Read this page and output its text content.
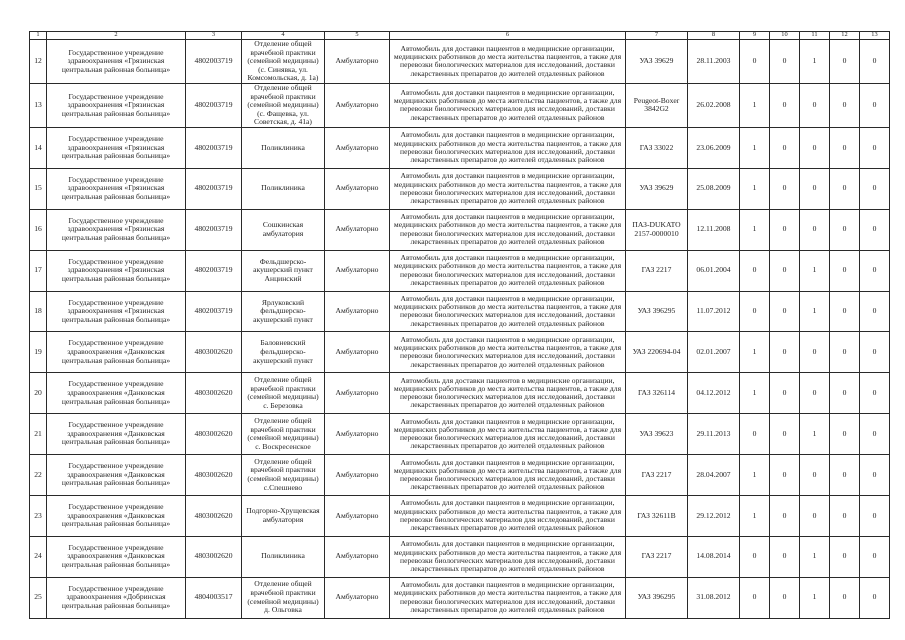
1	2	3	4	5	6	7	8	9	10	11	12	13
12	Государственное учреждение здравоохранения «Грязинская центральная районная больница»	4802003719	Отделение общей врачебной практики (семейной медицины) (с. Синявка, ул. Комсомольская, д. 1а)	Амбулаторно	Автомобиль для доставки пациентов в медицинские организации, медицинских работников до места жительства пациентов, а также для перевозки биологических материалов для исследований, доставки лекарственных препаратов до жителей отдаленных районов	УАЗ 39629	28.11.2003	0	0	1	0	0
13	Государственное учреждение здравоохранения «Грязинская центральная районная больница»	4802003719	Отделение общей врачебной практики (семейной медицины) (с. Фащевка, ул. Советская, д. 41а)	Амбулаторно	Автомобиль для доставки пациентов в медицинские организации, медицинских работников до места жительства пациентов, а также для перевозки биологических материалов для исследований, доставки лекарственных препаратов до жителей отдаленных районов	Peugeot-Boxer 3842G2	26.02.2008	1	0	0	0	0
14	Государственное учреждение здравоохранения «Грязинская центральная районная больница»	4802003719	Поликлиника	Амбулаторно	Автомобиль для доставки пациентов в медицинские организации, медицинских работников до места жительства пациентов, а также для перевозки биологических материалов для исследований, доставки лекарственных препаратов до жителей отдаленных районов	ГАЗ 33022	23.06.2009	1	0	0	0	0
15	Государственное учреждение здравоохранения «Грязинская центральная районная больница»	4802003719	Поликлиника	Амбулаторно	Автомобиль для доставки пациентов в медицинские организации, медицинских работников до места жительства пациентов, а также для перевозки биологических материалов для исследований, доставки лекарственных препаратов до жителей отдаленных районов	УАЗ 39629	25.08.2009	1	0	0	0	0
16	Государственное учреждение здравоохранения «Грязинская центральная районная больница»	4802003719	Сошкинская амбулатория	Амбулаторно	Автомобиль для доставки пациентов в медицинские организации, медицинских работников до места жительства пациентов, а также для перевозки биологических материалов для исследований, доставки лекарственных препаратов до жителей отдаленных районов	ПАЗ-DUKATO 2157-0000010	12.11.2008	1	0	0	0	0
17	Государственное учреждение здравоохранения «Грязинская центральная районная больница»	4802003719	Фельдшерско-акушерский пункт Анцинский	Амбулаторно	Автомобиль для доставки пациентов в медицинские организации, медицинских работников до места жительства пациентов, а также для перевозки биологических материалов для исследований, доставки лекарственных препаратов до жителей отдаленных районов	ГАЗ 2217	06.01.2004	0	0	1	0	0
18	Государственное учреждение здравоохранения «Грязинская центральная районная больница»	4802003719	Ярлуковский фельдшерско-акушерский пункт	Амбулаторно	Автомобиль для доставки пациентов в медицинские организации, медицинских работников до места жительства пациентов, а также для перевозки биологических материалов для исследований, доставки лекарственных препаратов до жителей отдаленных районов	УАЗ 396295	11.07.2012	0	0	1	0	0
19	Государственное учреждение здравоохранения «Данковская центральная районная больница»	4803002620	Баловневский фельдшерско-акушерский пункт	Амбулаторно	Автомобиль для доставки пациентов в медицинские организации, медицинских работников до места жительства пациентов, а также для перевозки биологических материалов для исследований, доставки лекарственных препаратов до жителей отдаленных районов	УАЗ 220694-04	02.01.2007	1	0	0	0	0
20	Государственное учреждение здравоохранения «Данковская центральная районная больница»	4803002620	Отделение общей врачебной практики (семейной медицины) с. Березовка	Амбулаторно	Автомобиль для доставки пациентов в медицинские организации, медицинских работников до места жительства пациентов, а также для перевозки биологических материалов для исследований, доставки лекарственных препаратов до жителей отдаленных районов	ГАЗ 326114	04.12.2012	1	0	0	0	0
21	Государственное учреждение здравоохранения «Данковская центральная районная больница»	4803002620	Отделение общей врачебной практики (семейной медицины) с. Воскресенское	Амбулаторно	Автомобиль для доставки пациентов в медицинские организации, медицинских работников до места жительства пациентов, а также для перевозки биологических материалов для исследований, доставки лекарственных препаратов до жителей отдаленных районов	УАЗ 39623	29.11.2013	0	0	1	0	0
22	Государственное учреждение здравоохранения «Данковская центральная районная больница»	4803002620	Отделение общей врачебной практики (семейной медицины) с.Спешнево	Амбулаторно	Автомобиль для доставки пациентов в медицинские организации, медицинских работников до места жительства пациентов, а также для перевозки биологических материалов для исследований, доставки лекарственных препаратов до жителей отдаленных районов	ГАЗ 2217	28.04.2007	1	0	0	0	0
23	Государственное учреждение здравоохранения «Данковская центральная районная больница»	4803002620	Подгорно-Хрущевская амбулатория	Амбулаторно	Автомобиль для доставки пациентов в медицинские организации, медицинских работников до места жительства пациентов, а также для перевозки биологических материалов для исследований, доставки лекарственных препаратов до жителей отдаленных районов	ГАЗ 32611В	29.12.2012	1	0	0	0	0
24	Государственное учреждение здравоохранения «Данковская центральная районная больница»	4803002620	Поликлиника	Амбулаторно	Автомобиль для доставки пациентов в медицинские организации, медицинских работников до места жительства пациентов, а также для перевозки биологических материалов для исследований, доставки лекарственных препаратов до жителей отдаленных районов	ГАЗ 2217	14.08.2014	0	0	1	0	0
25	Государственное учреждение здравоохранения «Добринская центральная районная больница»	4804003517	Отделение общей врачебной практики (семейной медицины) д. Ольговка	Амбулаторно	Автомобиль для доставки пациентов в медицинские организации, медицинских работников до места жительства пациентов, а также для перевозки биологических материалов для исследований, доставки лекарственных препаратов до жителей отдаленных районов	УАЗ 396295	31.08.2012	0	0	1	0	0
